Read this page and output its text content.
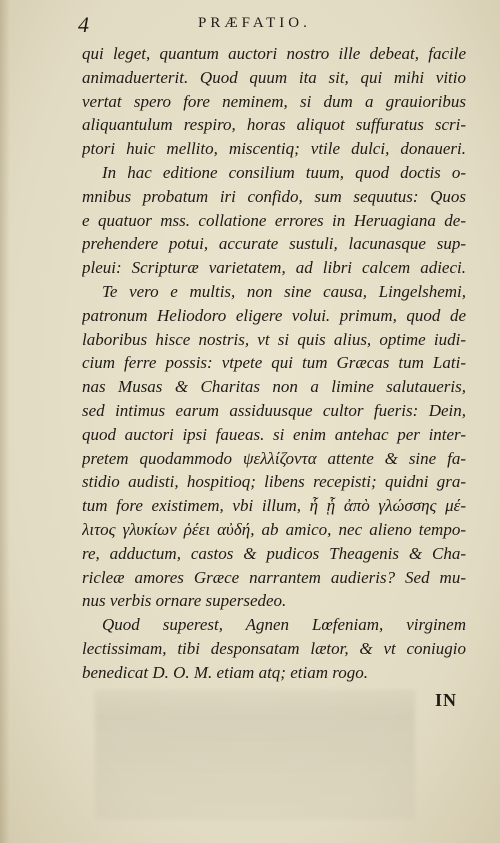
4	PRÆFATIO.
qui leget, quantum auctori nostro ille debeat, facile
animaduerterit. Quod quum ita sit, qui mihi vitio
vertat spero fore neminem, si dum a grauioribus
aliquantulum respiro, horas aliquot suffuratus scri-
ptori huic mellito, miscentiq; vtile dulci, donaueri.
In hac editione consilium tuum, quod doctis o-
mnibus probatum iri confido, sum sequutus: Quos
e quatuor mss. collatione errores in Heruagiana de-
prehendere potui, accurate sustuli, lacunasque sup-
pleui: Scripturæ varietatem, ad libri calcem adieci.
Te vero e multis, non sine causa, Lingelshemi,
patronum Heliodoro eligere volui. primum, quod de
laboribus hisce nostris, vt si quis alius, optime iudi-
cium ferre possis: vtpete qui tum Græcas tum Lati-
nas Musas & Charitas non a limine salutaueris,
sed intimus earum assiduusque cultor fueris: Dein,
quod auctori ipsi faueas. si enim antehac per inter-
pretem quodammodo ψελλίζοντα attente & sine fa-
stidio audisti, hospitioq; libens recepisti; quidni gra-
tum fore existimem, vbi illum, ἧ ᾗ ἀπὸ γλώσσης μέ-
λιτος γλυκίων ῥέει αὐδή, ab amico, nec alieno tempo-
re, adductum, castos & pudicos Theagenis & Cha-
ricleæ amores Græce narrantem audieris? Sed mu-
nus verbis ornare supersedeo.
Quod superest, Agnen Lœfeniam, virginem
lectissimam, tibi desponsatam lætor, & vt coniugio
benedicat D. O. M. etiam atq; etiam rogo.
IN
